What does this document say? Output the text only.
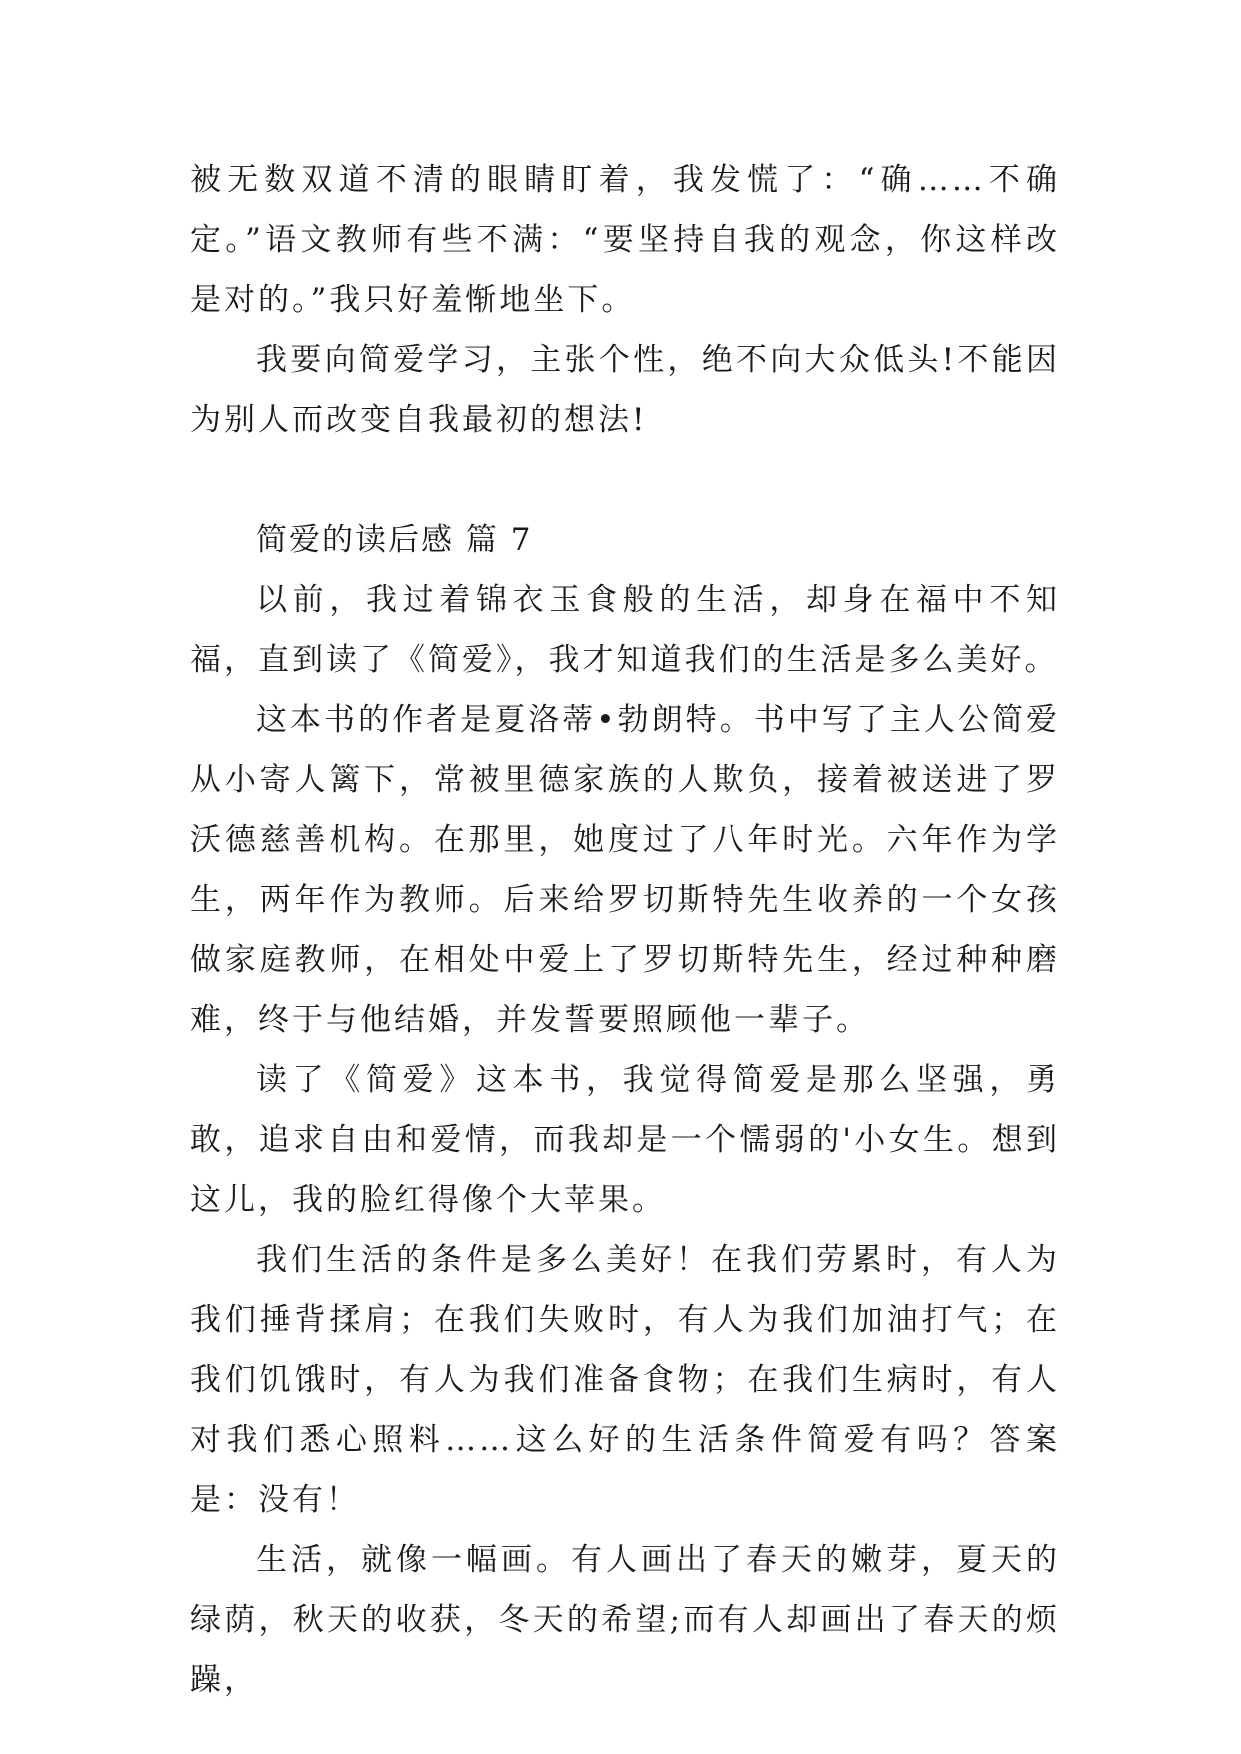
被无数双道不清的眼睛盯着，我发慌了：“确……不确定。”语文教师有些不满：“要坚持自我的观念，你这样改是对的。”我只好羞惭地坐下。

我要向简爱学习，主张个性，绝不向大众低头!不能因为别人而改变自我最初的想法!

简爱的读后感 篇 7

以前，我过着锦衣玉食般的生活，却身在福中不知福，直到读了《简爱》，我才知道我们的生活是多么美好。

这本书的作者是夏洛蒂•勃朗特。书中写了主人公简爱从小寄人篱下，常被里德家族的人欺负，接着被送进了罗沃德慈善机构。在那里，她度过了八年时光。六年作为学生，两年作为教师。后来给罗切斯特先生收养的一个女孩做家庭教师，在相处中爱上了罗切斯特先生，经过种种磨难，终于与他结婚，并发誓要照顾他一辈子。

读了《简爱》这本书，我觉得简爱是那么坚强，勇敢，追求自由和爱情，而我却是一个懦弱的'小女生。想到这儿，我的脸红得像个大苹果。

我们生活的条件是多么美好！在我们劳累时，有人为我们捶背揉肩；在我们失败时，有人为我们加油打气；在我们饥饿时，有人为我们准备食物；在我们生病时，有人对我们悉心照料……这么好的生活条件简爱有吗？答案是：没有！

生活，就像一幅画。有人画出了春天的嫩芽，夏天的绿荫，秋天的收获，冬天的希望;而有人却画出了春天的烦躁，
